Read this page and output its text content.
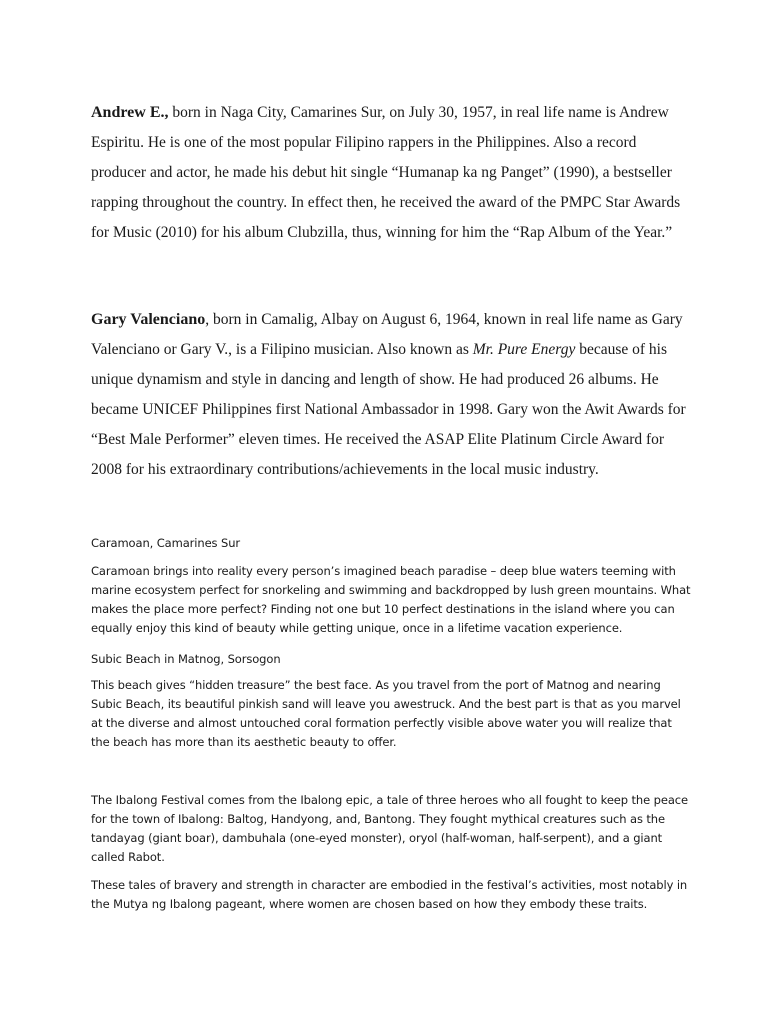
Andrew E., born in Naga City, Camarines Sur, on July 30, 1957, in real life name is Andrew Espiritu. He is one of the most popular Filipino rappers in the Philippines. Also a record producer and actor, he made his debut hit single “Humanap ka ng Panget” (1990), a bestseller rapping throughout the country. In effect then, he received the award of the PMPC Star Awards for Music (2010) for his album Clubzilla, thus, winning for him the “Rap Album of the Year.”

Gary Valenciano, born in Camalig, Albay on August 6, 1964, known in real life name as Gary Valenciano or Gary V., is a Filipino musician. Also known as Mr. Pure Energy because of his unique dynamism and style in dancing and length of show. He had produced 26 albums. He became UNICEF Philippines first National Ambassador in 1998. Gary won the Awit Awards for “Best Male Performer” eleven times. He received the ASAP Elite Platinum Circle Award for 2008 for his extraordinary contributions/achievements in the local music industry.

Caramoan, Camarines Sur

Caramoan brings into reality every person’s imagined beach paradise – deep blue waters teeming with marine ecosystem perfect for snorkeling and swimming and backdropped by lush green mountains. What makes the place more perfect? Finding not one but 10 perfect destinations in the island where you can equally enjoy this kind of beauty while getting unique, once in a lifetime vacation experience.

Subic Beach in Matnog, Sorsogon

This beach gives “hidden treasure” the best face. As you travel from the port of Matnog and nearing Subic Beach, its beautiful pinkish sand will leave you awestruck. And the best part is that as you marvel at the diverse and almost untouched coral formation perfectly visible above water you will realize that the beach has more than its aesthetic beauty to offer.

The Ibalong Festival comes from the Ibalong epic, a tale of three heroes who all fought to keep the peace for the town of Ibalong: Baltog, Handyong, and, Bantong. They fought mythical creatures such as the tandayag (giant boar), dambuhala (one-eyed monster), oryol (half-woman, half-serpent), and a giant called Rabot.

These tales of bravery and strength in character are embodied in the festival’s activities, most notably in the Mutya ng Ibalong pageant, where women are chosen based on how they embody these traits.
